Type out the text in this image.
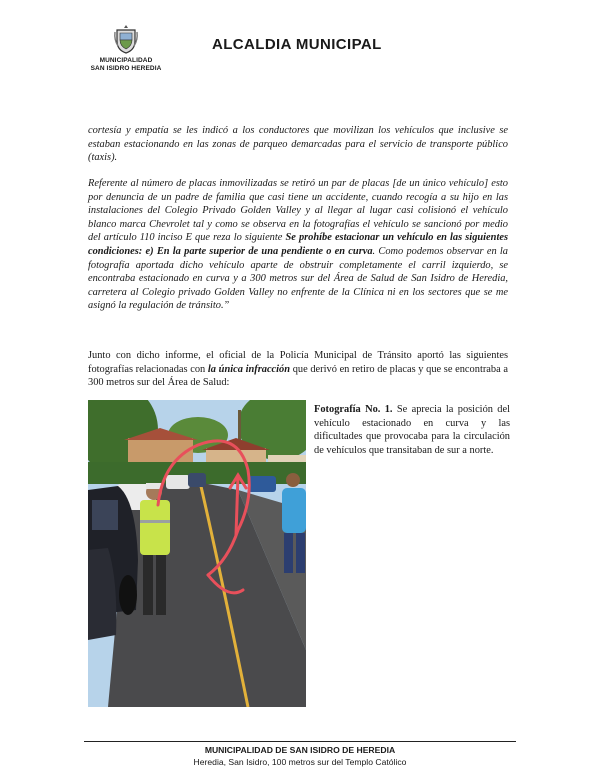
MUNICIPALIDAD
SAN ISIDRO HEREDIA
ALCALDIA MUNICIPAL

cortesía y empatía se les indicó a los conductores que movilizan los vehículos que inclusive se estaban estacionando en las zonas de parqueo demarcadas para el servicio de transporte público (taxis).

Referente al número de placas inmovilizadas se retiró un par de placas [de un único vehículo] esto por denuncia de un padre de familia que casi tiene un accidente, cuando recogía a su hijo en las instalaciones del Colegio Privado Golden Valley y al llegar al lugar casi colisionó el vehículo blanco marca Chevrolet tal y como se observa en la fotografías el vehículo se sancionó por medio del artículo 110 inciso E que reza lo siguiente Se prohíbe estacionar un vehículo en las siguientes condiciones: e) En la parte superior de una pendiente o en curva. Como podemos observar en la fotografía aportada dicho vehículo aparte de obstruir completamente el carril izquierdo, se encontraba estacionado en curva y a 300 metros sur del Área de Salud de San Isidro de Heredia, carretera al Colegio privado Golden Valley no enfrente de la Clínica ni en los sectores que se me asignó la regulación de tránsito.”

Junto con dicho informe, el oficial de la Policía Municipal de Tránsito aportó las siguientes fotografías relacionadas con la única infracción que derivó en retiro de placas y que se encontraba a 300 metros sur del Área de Salud:

Fotografía No. 1. Se aprecia la posición del vehículo estacionado en curva y las dificultades que provocaba para la circulación de vehículos que transitaban de sur a norte.

MUNICIPALIDAD DE SAN ISIDRO DE HEREDIA
Heredia, San Isidro, 100 metros sur del Templo Católico
